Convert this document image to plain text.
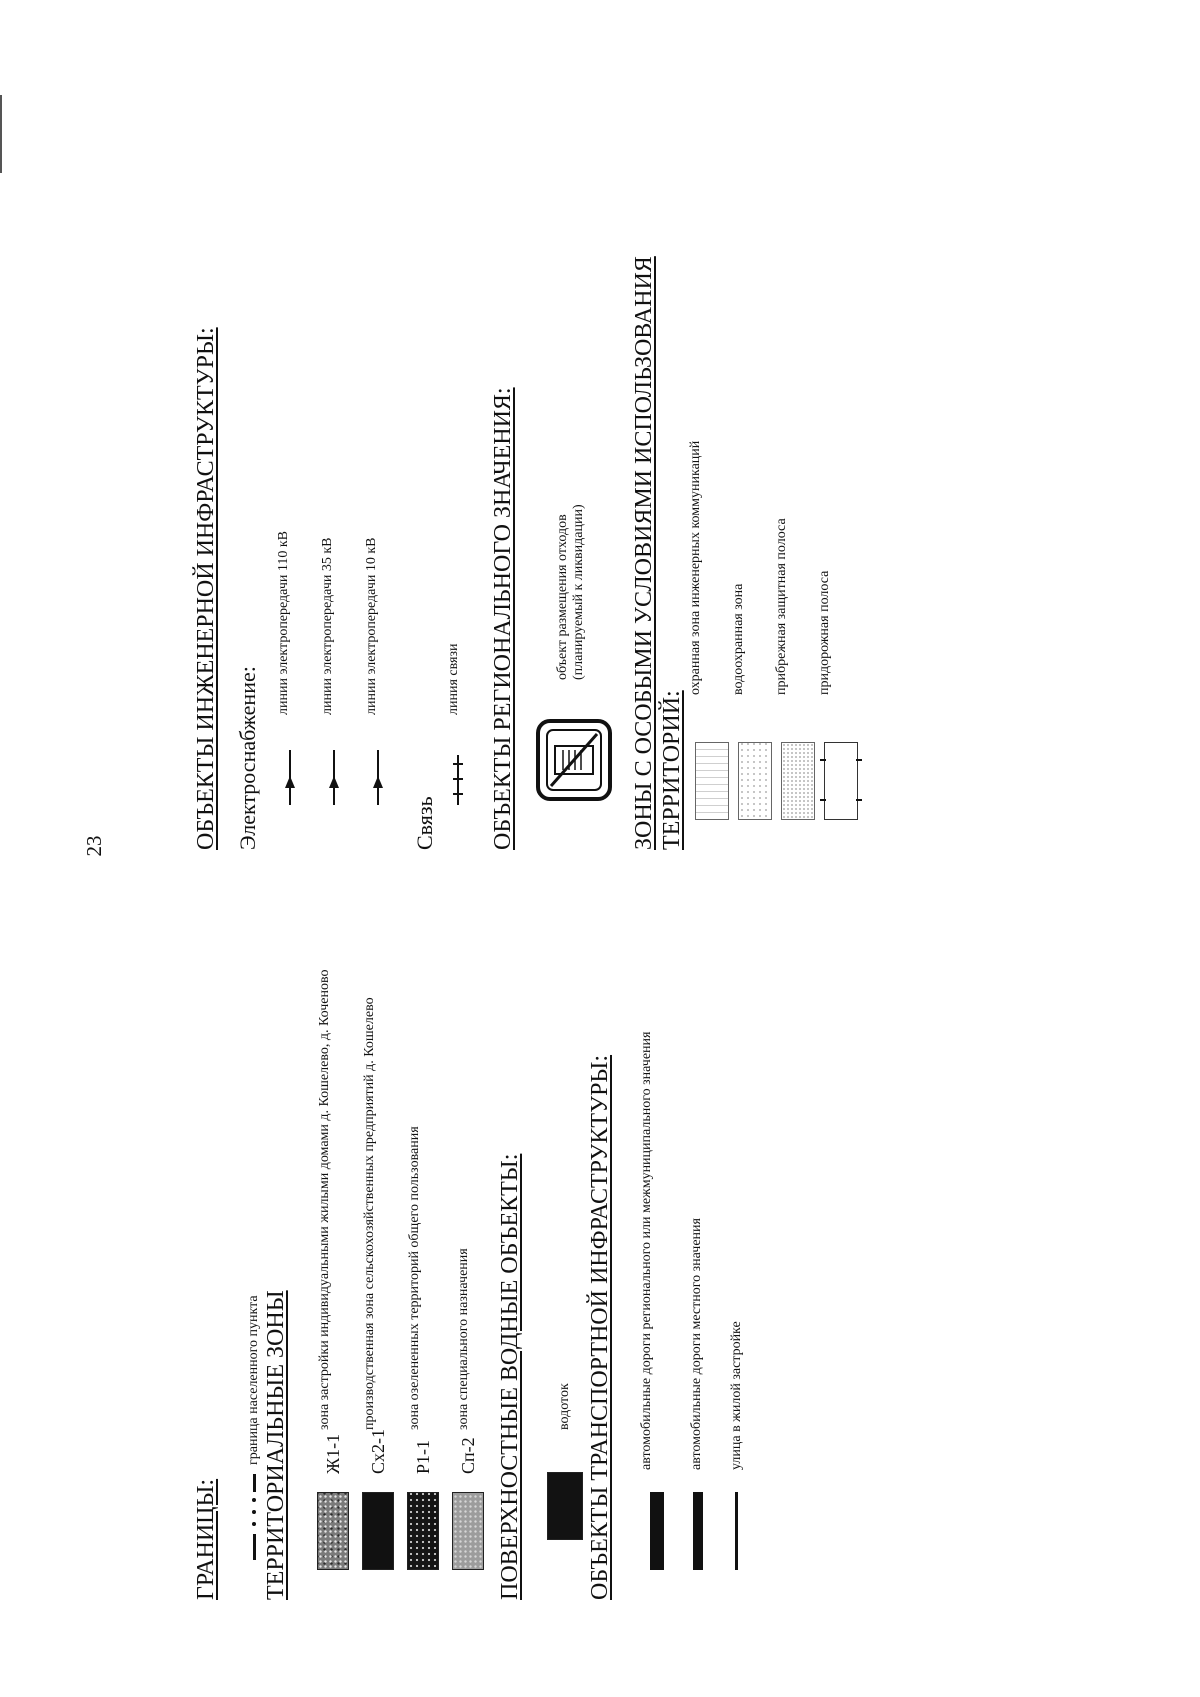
23
ГРАНИЦЫ:
граница населенного пункта ТЕРРИТОРИАЛЬНЫЕ ЗОНЫ Ж1-1
зона застройки индивидуальными жилыми домами д. Кошелево, д. Коченово
Сх2-1
производственная зона сельскохозяйственных предприятий д. Кошелево
Р1-1
зона озелененных территорий общего пользования
Сп-2
зона специального назначения ПОВЕРХНОСТНЫЕ ВОДНЫЕ ОБЪЕКТЫ: водоток ОБЪЕКТЫ ТРАНСПОРТНОЙ ИНФРАСТРУКТУРЫ: автомобильные дороги регионального или межмуниципального значения	автомобильные дороги местного значения улица в жилой застройке
ОБЪЕКТЫ ИНЖЕНЕРНОЙ ИНФРАСТРУКТУРЫ: Электроснабжение:
линии электропередачи 110 кВ линии электропередачи 35 кВ линии электропередачи 10 кВ
Связь
линия связи ОБЪЕКТЫ РЕГИОНАЛЬНОГО ЗНАЧЕНИЯ:	объект размещения отходов (планируемый к ликвидации) ЗОНЫ С ОСОБЫМИ УСЛОВИЯМИ ИСПОЛЬЗОВАНИЯ ТЕРРИТОРИЙ:
охранная зона инженерных коммуникаций водоохранная зона прибрежная защитная полоса придорожная полоса
